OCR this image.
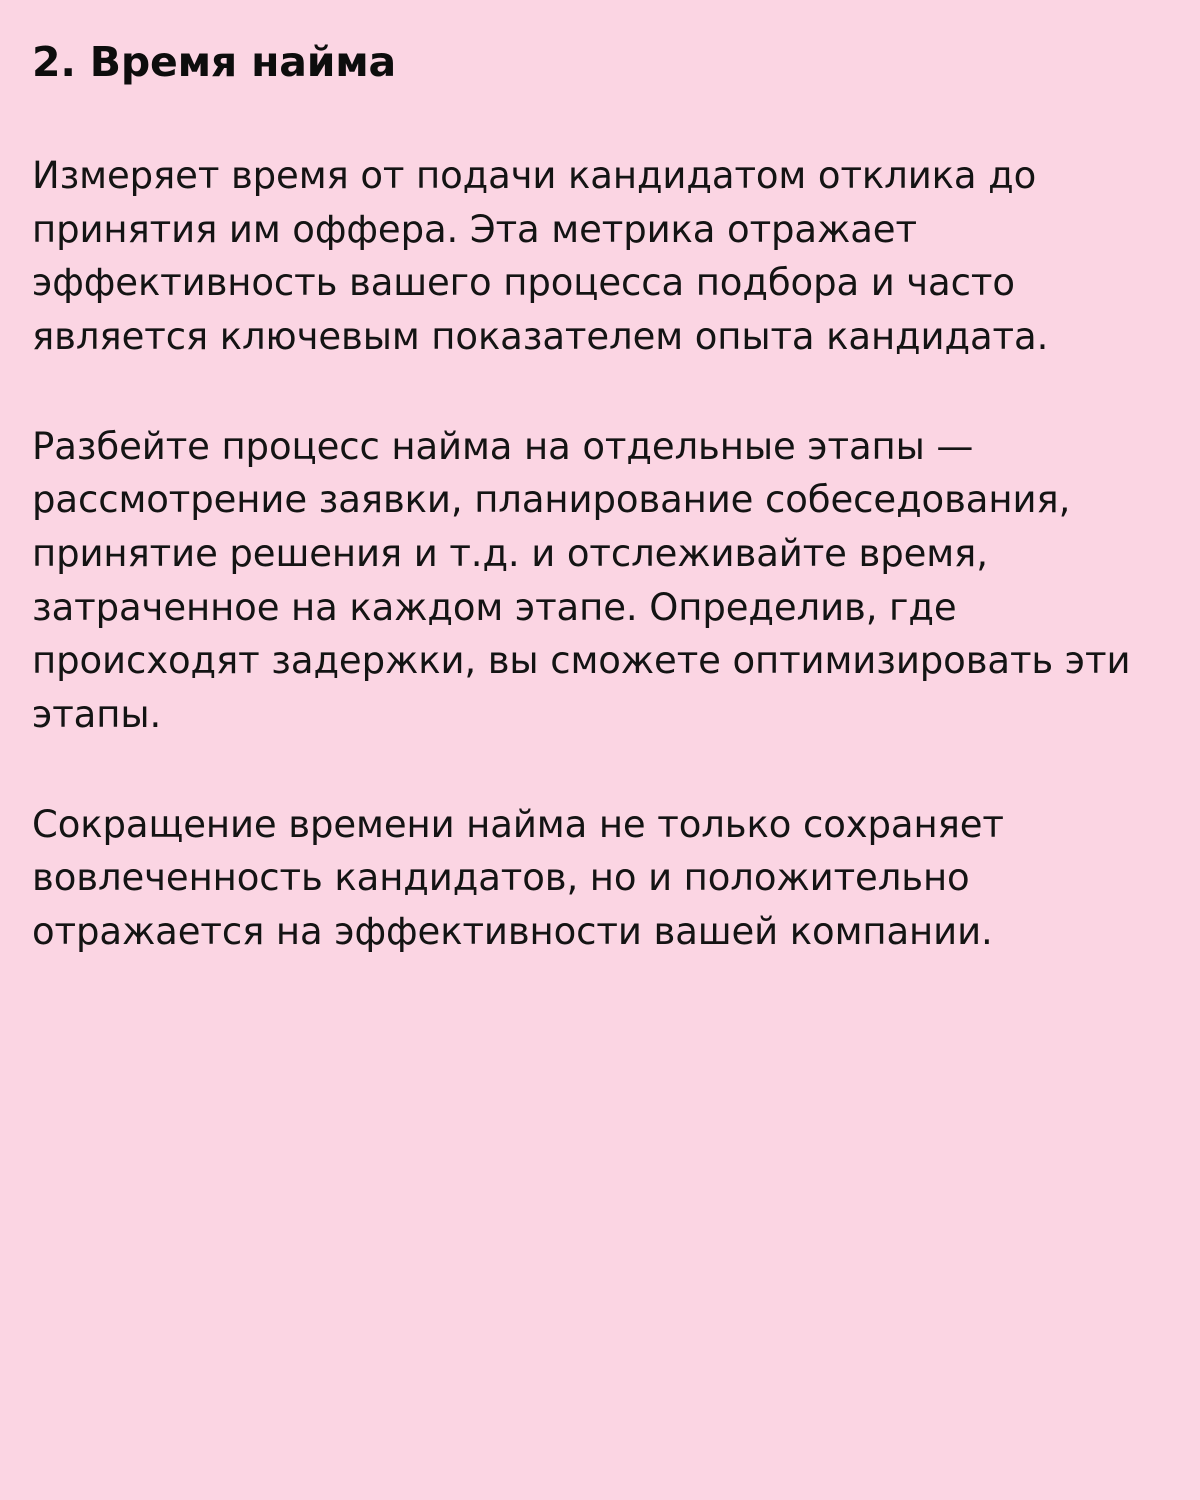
2. Время найма

Измеряет время от подачи кандидатом отклика до принятия им оффера. Эта метрика отражает эффективность вашего процесса подбора и часто является ключевым показателем опыта кандидата.

Разбейте процесс найма на отдельные этапы — рассмотрение заявки, планирование собеседования, принятие решения и т.д. и отслеживайте время, затраченное на каждом этапе. Определив, где происходят задержки, вы сможете оптимизировать эти этапы.

Сокращение времени найма не только сохраняет вовлеченность кандидатов, но и положительно отражается на эффективности вашей компании.
